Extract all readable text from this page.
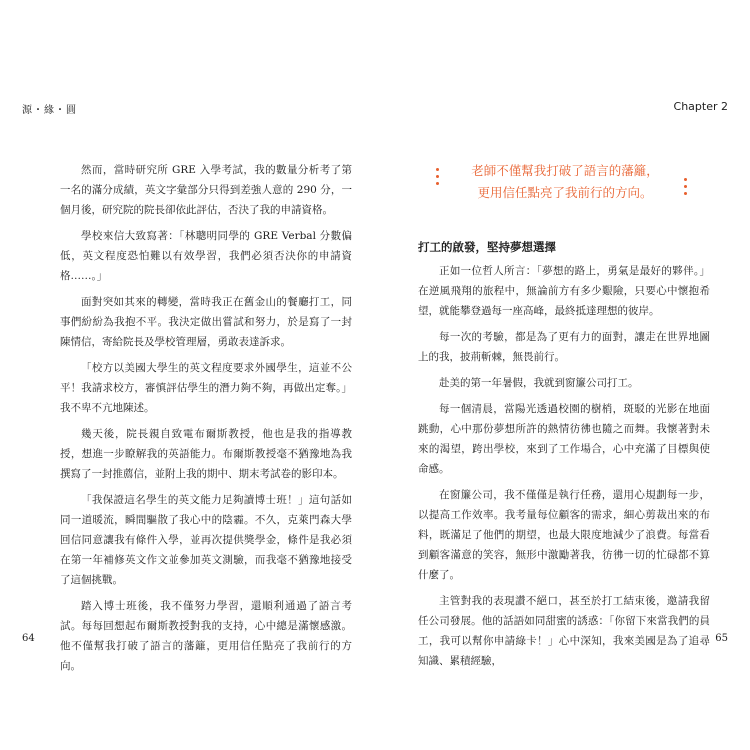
源・緣・圓

然而，當時研究所 GRE 入學考試，我的數量分析考了第一名的滿分成績，英文字彙部分只得到差強人意的 290 分，一個月後，研究院的院長卻依此評估，否決了我的申請資格。

學校來信大致寫著：「林聰明同學的 GRE Verbal 分數偏低，英文程度恐怕難以有效學習，我們必須否決你的申請資格……。」

面對突如其來的轉變，當時我正在舊金山的餐廳打工，同事們紛紛為我抱不平。我決定做出嘗試和努力，於是寫了一封陳情信，寄給院長及學校管理層，勇敢表達訴求。

「校方以美國大學生的英文程度要求外國學生，這並不公平！我請求校方，審慎評估學生的潛力夠不夠，再做出定奪。」我不卑不亢地陳述。

幾天後，院長親自致電布爾斯教授，他也是我的指導教授，想進一步瞭解我的英語能力。布爾斯教授毫不猶豫地為我撰寫了一封推薦信，並附上我的期中、期末考試卷的影印本。

「我保證這名學生的英文能力足夠讀博士班！」這句話如同一道暖流，瞬間驅散了我心中的陰霾。不久，克萊門森大學回信同意讓我有條件入學，並再次提供獎學金，條件是我必須在第一年補修英文作文並參加英文測驗，而我毫不猶豫地接受了這個挑戰。

踏入博士班後，我不僅努力學習，還順利通過了語言考試。每每回想起布爾斯教授對我的支持，心中總是滿懷感激。他不僅幫我打破了語言的藩籬，更用信任點亮了我前行的方向。

64
Chapter 2
65
老師不僅幫我打破了語言的藩籬，
更用信任點亮了我前行的方向。
打工的啟發，堅持夢想選擇

正如一位哲人所言：「夢想的路上，勇氣是最好的夥伴。」在逆風飛翔的旅程中，無論前方有多少艱險，只要心中懷抱希望，就能攀登過每一座高峰，最終抵達理想的彼岸。

每一次的考驗，都是為了更有力的面對，讓走在世界地圖上的我，披荊斬棘，無畏前行。

赴美的第一年暑假，我就到窗簾公司打工。

每一個清晨，當陽光透過校園的樹梢，斑駁的光影在地面跳動，心中那份夢想所許的熱情彷彿也隨之而舞。我懷著對未來的渴望，跨出學校，來到了工作場合，心中充滿了目標與使命感。

在窗簾公司，我不僅僅是執行任務，還用心規劃每一步，以提高工作效率。我考量每位顧客的需求，細心剪裁出來的布料，既滿足了他們的期望，也最大限度地減少了浪費。每當看到顧客滿意的笑容，無形中激勵著我，彷彿一切的忙碌都不算什麼了。

主管對我的表現讚不絕口，甚至於打工結束後，邀請我留任公司發展。他的話語如同甜蜜的誘惑：「你留下來當我們的員工，我可以幫你申請綠卡！」心中深知，我來美國是為了追尋知識、累積經驗，
